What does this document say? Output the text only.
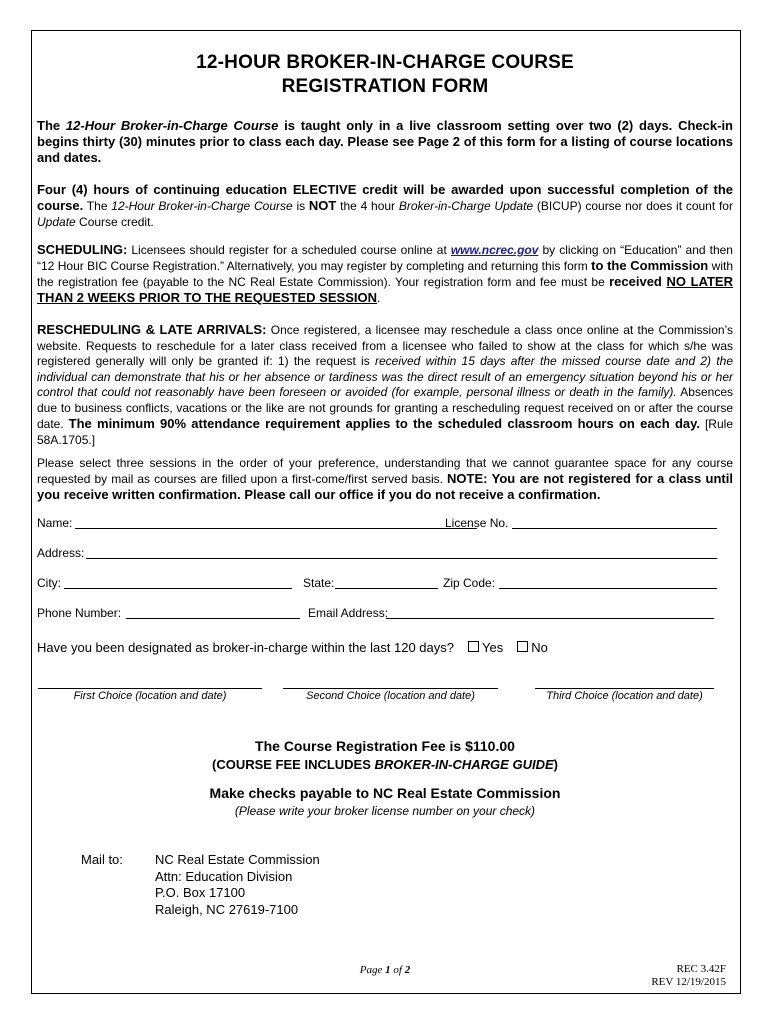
12-HOUR BROKER-IN-CHARGE COURSE
REGISTRATION FORM
The 12-Hour Broker-in-Charge Course is taught only in a live classroom setting over two (2) days. Check-in begins thirty (30) minutes prior to class each day. Please see Page 2 of this form for a listing of course locations and dates.
Four (4) hours of continuing education ELECTIVE credit will be awarded upon successful completion of the course. The 12-Hour Broker-in-Charge Course is NOT the 4 hour Broker-in-Charge Update (BICUP) course nor does it count for Update Course credit.
SCHEDULING: Licensees should register for a scheduled course online at www.ncrec.gov by clicking on “Education” and then “12 Hour BIC Course Registration.” Alternatively, you may register by completing and returning this form to the Commission with the registration fee (payable to the NC Real Estate Commission). Your registration form and fee must be received NO LATER THAN 2 WEEKS PRIOR TO THE REQUESTED SESSION.
RESCHEDULING & LATE ARRIVALS: Once registered, a licensee may reschedule a class once online at the Commission’s website. Requests to reschedule for a later class received from a licensee who failed to show at the class for which s/he was registered generally will only be granted if: 1) the request is received within 15 days after the missed course date and 2) the individual can demonstrate that his or her absence or tardiness was the direct result of an emergency situation beyond his or her control that could not reasonably have been foreseen or avoided (for example, personal illness or death in the family). Absences due to business conflicts, vacations or the like are not grounds for granting a rescheduling request received on or after the course date. The minimum 90% attendance requirement applies to the scheduled classroom hours on each day. [Rule 58A.1705.]
Please select three sessions in the order of your preference, understanding that we cannot guarantee space for any course requested by mail as courses are filled upon a first-come/first served basis. NOTE: You are not registered for a class until you receive written confirmation. Please call our office if you do not receive a confirmation.
Name:	License No.
Address:
City:	State:	Zip Code:
Phone Number:	Email Address:
Have you been designated as broker-in-charge within the last 120 days? Yes No
First Choice (location and date)	Second Choice (location and date)	Third Choice (location and date)
The Course Registration Fee is $110.00
(COURSE FEE INCLUDES BROKER-IN-CHARGE GUIDE)
Make checks payable to NC Real Estate Commission
(Please write your broker license number on your check)
Mail to: NC Real Estate Commission
Attn: Education Division
P.O. Box 17100
Raleigh, NC 27619-7100
Page 1 of 2	REC 3.42F
REV 12/19/2015
